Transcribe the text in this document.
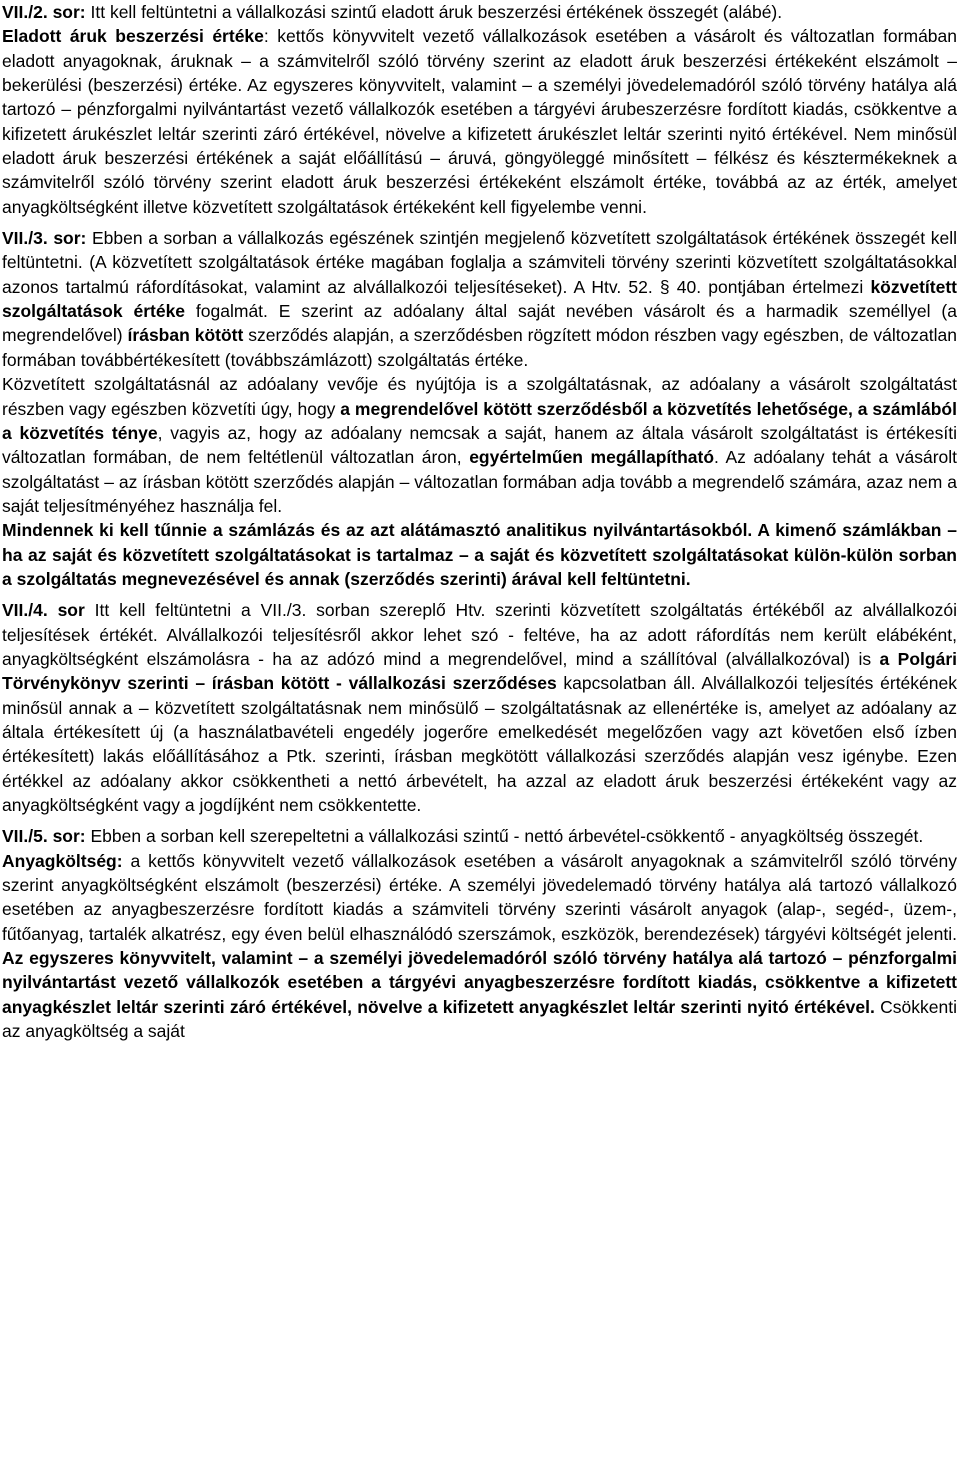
VII./2. sor: Itt kell feltüntetni a vállalkozási szintű eladott áruk beszerzési értékének összegét (alábé).

Eladott áruk beszerzési értéke: kettős könyvvitelt vezető vállalkozások esetében a vásárolt és változatlan formában eladott anyagoknak, áruknak – a számvitelről szóló törvény szerint az eladott áruk beszerzési értékeként elszámolt – bekerülési (beszerzési) értéke. Az egyszeres könyvvitelt, valamint – a személyi jövedelemadóról szóló törvény hatálya alá tartozó – pénzforgalmi nyilvántartást vezető vállalkozók esetében a tárgyévi árubeszerzésre fordított kiadás, csökkentve a kifizetett árukészlet leltár szerinti záró értékével, növelve a kifizetett árukészlet leltár szerinti nyitó értékével. Nem minősül eladott áruk beszerzési értékének a saját előállítású – áruvá, göngyöleggé minősített – félkész és késztermékeknek a számvitelről szóló törvény szerint eladott áruk beszerzési értékeként elszámolt értéke, továbbá az az érték, amelyet anyagköltségként illetve közvetített szolgáltatások értékeként kell figyelembe venni.

VII./3. sor: Ebben a sorban a vállalkozás egészének szintjén megjelenő közvetített szolgáltatások értékének összegét kell feltüntetni. (A közvetített szolgáltatások értéke magában foglalja a számviteli törvény szerinti közvetített szolgáltatásokkal azonos tartalmú ráfordításokat, valamint az alvállalkozói teljesítéseket). A Htv. 52. § 40. pontjában értelmezi közvetített szolgáltatások értéke fogalmát. E szerint az adóalany által saját nevében vásárolt és a harmadik személlyel (a megrendelővel) írásban kötött szerződés alapján, a szerződésben rögzített módon részben vagy egészben, de változatlan formában továbbértékesített (továbbszámlázott) szolgáltatás értéke.

Közvetített szolgáltatásnál az adóalany vevője és nyújtója is a szolgáltatásnak, az adóalany a vásárolt szolgáltatást részben vagy egészben közvetíti úgy, hogy a megrendelővel kötött szerződésből a közvetítés lehetősége, a számlából a közvetítés ténye, vagyis az, hogy az adóalany nemcsak a saját, hanem az általa vásárolt szolgáltatást is értékesíti változatlan formában, de nem feltétlenül változatlan áron, egyértelműen megállapítható. Az adóalany tehát a vásárolt szolgáltatást – az írásban kötött szerződés alapján – változatlan formában adja tovább a megrendelő számára, azaz nem a saját teljesítményéhez használja fel.

Mindennek ki kell tűnnie a számlázás és az azt alátámasztó analitikus nyilvántartásokból. A kimenő számlákban – ha az saját és közvetített szolgáltatásokat is tartalmaz – a saját és közvetített szolgáltatásokat külön-külön sorban a szolgáltatás megnevezésével és annak (szerződés szerinti) árával kell feltüntetni.

VII./4. sor Itt kell feltüntetni a VII./3. sorban szereplő Htv. szerinti közvetített szolgáltatás értékéből az alvállalkozói teljesítések értékét. Alvállalkozói teljesítésről akkor lehet szó - feltéve, ha az adott ráfordítás nem került elábéként, anyagköltségként elszámolásra - ha az adózó mind a megrendelővel, mind a szállítóval (alvállalkozóval) is a Polgári Törvénykönyv szerinti – írásban kötött - vállalkozási szerződéses kapcsolatban áll. Alvállalkozói teljesítés értékének minősül annak a – közvetített szolgáltatásnak nem minősülő – szolgáltatásnak az ellenértéke is, amelyet az adóalany az általa értékesített új (a használatbavételi engedély jogerőre emelkedését megelőzően vagy azt követően első ízben értékesített) lakás előállításához a Ptk. szerinti, írásban megkötött vállalkozási szerződés alapján vesz igénybe. Ezen értékkel az adóalany akkor csökkentheti a nettó árbevételt, ha azzal az eladott áruk beszerzési értékeként vagy az anyagköltségként vagy a jogdíjként nem csökkentette.

VII./5. sor: Ebben a sorban kell szerepeltetni a vállalkozási szintű - nettó árbevétel-csökkentő - anyagköltség összegét.

Anyagköltség: a kettős könyvvitelt vezető vállalkozások esetében a vásárolt anyagoknak a számvitelről szóló törvény szerint anyagköltségként elszámolt (beszerzési) értéke. A személyi jövedelemadó törvény hatálya alá tartozó vállalkozó esetében az anyagbeszerzésre fordított kiadás a számviteli törvény szerinti vásárolt anyagok (alap-, segéd-, üzem-, fűtőanyag, tartalék alkatrész, egy éven belül elhasználódó szerszámok, eszközök, berendezések) tárgyévi költségét jelenti. Az egyszeres könyvvitelt, valamint – a személyi jövedelemadóról szóló törvény hatálya alá tartozó – pénzforgalmi nyilvántartást vezető vállalkozók esetében a tárgyévi anyagbeszerzésre fordított kiadás, csökkentve a kifizetett anyagkészlet leltár szerinti záró értékével, növelve a kifizetett anyagkészlet leltár szerinti nyitó értékével. Csökkenti az anyagköltség a saját
